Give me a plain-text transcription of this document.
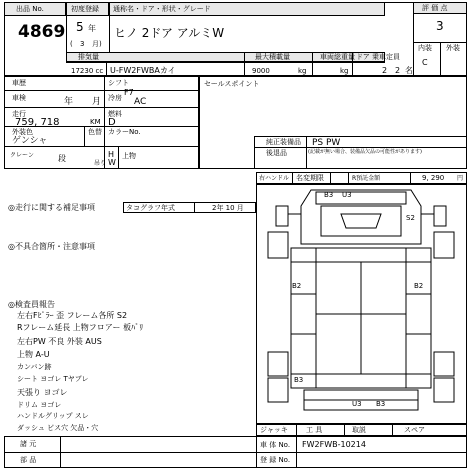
出品 No.
4869
初度登録
5 年
( 3 月)
通称名・ドア・形状・グレード
ヒノ 2ドア アルミW
排気量	最大積載量	車両総重量 ドア 乗車定員
17230 cc U-FW2FWBAカイ	9000	kg	kg	2 2 名
評 価 点
3
内装 外装
C
車歴	シフト
F7
車検	年 月 冷房 AC
走行
759, 718	KM
燃料
D
外装色
ゲンシャ
色替 カラーNo.
クレーン	段
吊り
H 上物
W
セールスポイント
純正装備品 PS PW
後退品	(記載が無い場合、装備品欠品の可能性があります)
右ハンドル 名変期限	R預託金額	9, 290 円
◎走行に関する補足事項	タコグラフ年式	2年 10 月
◎不具合箇所・注意事項
◎検査員報告
左右Fﾋﾟﾗｰ 歪 フレーム各所 S2
Rフレーム延長 上物フロアー 板ﾊﾞﾘ
左右PW 不良 外装 AUS
上物 A-U
カンバン跡
シート ヨゴレ Tヤブレ
天張り ヨゴレ
ドリム ヨゴレ
ハンドルグリップ スレ
ダッシュ ビス穴 欠品・穴
B3 U3
S2
B2	B2
B3
U3 B3
諸 元
部 品
ジャッキ	工 具	取説	スペア
車 体 No. FW2FWB-10214
登 録 No.
